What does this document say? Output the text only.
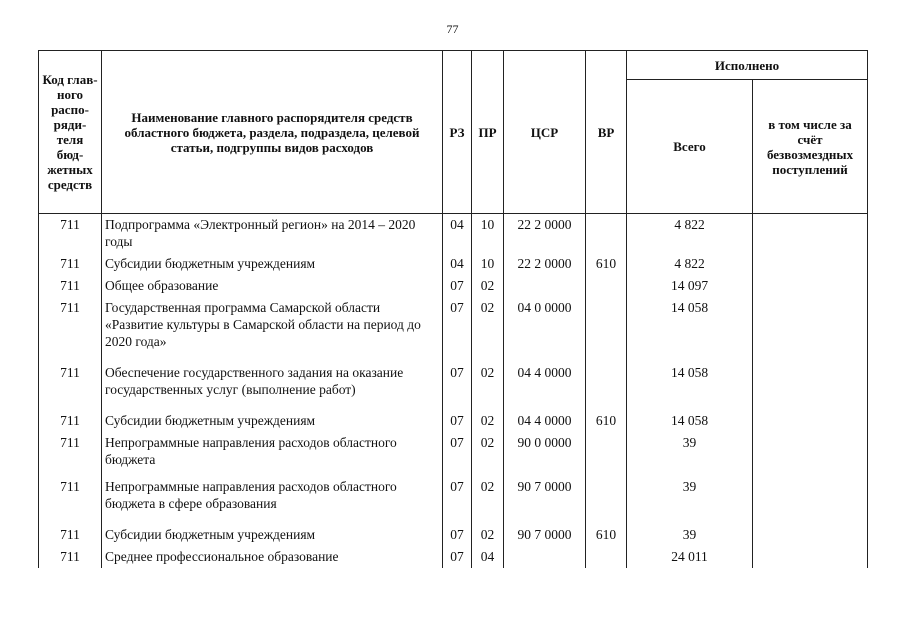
77
Код глав-ного распо-ряди-теля бюд-жетных средств	Наименование главного распорядителя средств областного бюджета, раздела, подраздела, целевой статьи, подгруппы видов расходов	РЗ	ПР	ЦСР	ВР	Исполнено	
						Всего	в том числе за счёт безвозмездных поступлений
711	Подпрограмма «Электронный регион» на 2014 – 2020 годы	04	10	22 2 0000		4 822	
711	Субсидии бюджетным учреждениям	04	10	22 2 0000	610	4 822	
711	Общее образование	07	02			14 097	
711	Государственная программа Самарской области «Развитие культуры в Самарской области на период до 2020 года»	07	02	04 0 0000		14 058	
711	Обеспечение государственного задания на оказание государственных услуг (выполнение работ)	07	02	04 4 0000		14 058	
711	Субсидии бюджетным учреждениям	07	02	04 4 0000	610	14 058	
711	Непрограммные направления расходов областного бюджета	07	02	90 0 0000		39	
711	Непрограммные направления расходов областного бюджета в сфере образования	07	02	90 7 0000		39	
711	Субсидии бюджетным учреждениям	07	02	90 7 0000	610	39	
711	Среднее профессиональное образование	07	04			24 011	
